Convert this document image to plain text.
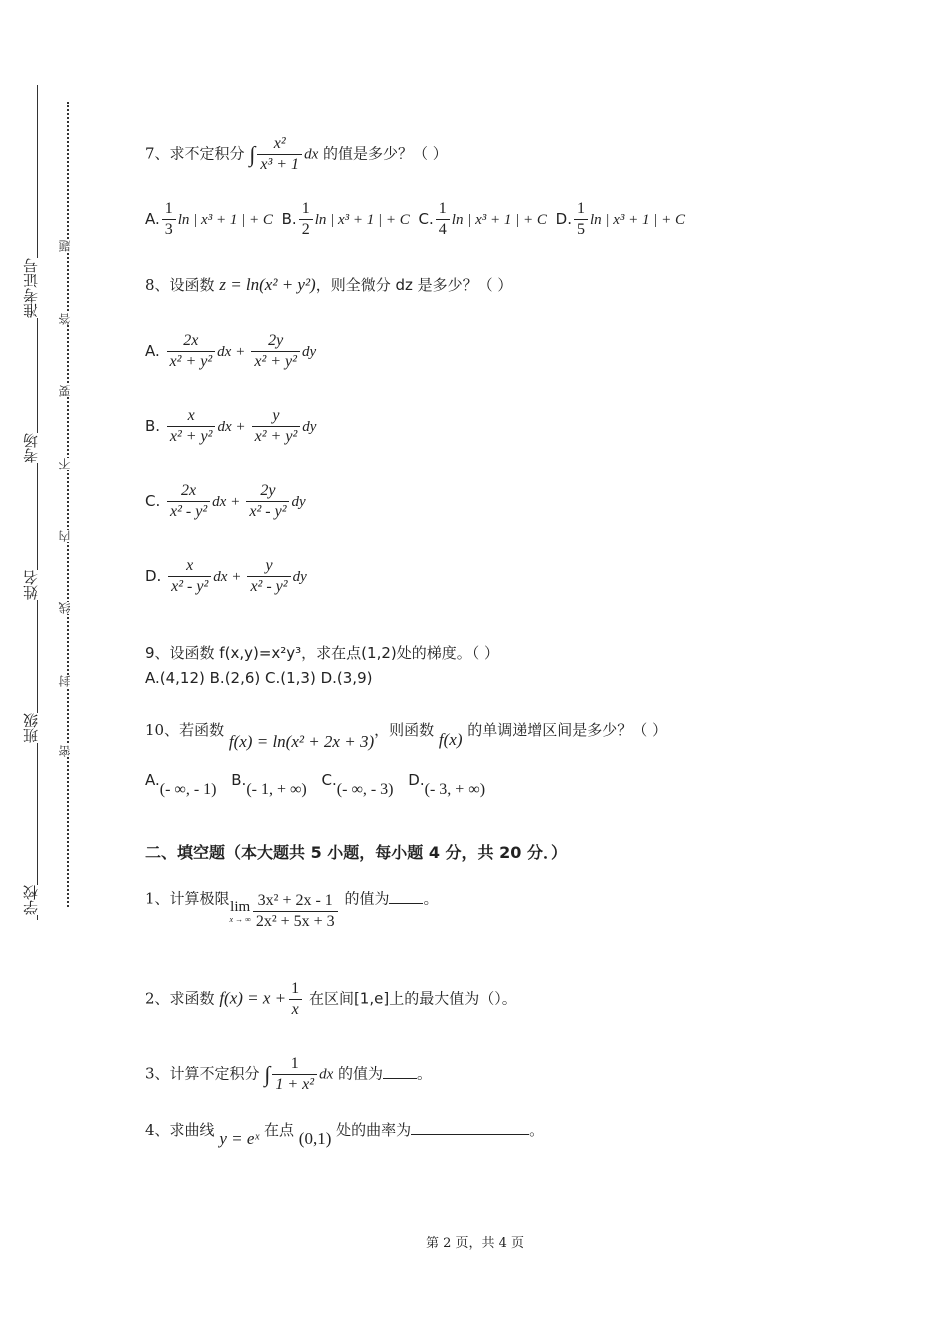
学校
班级
姓名
考场
准考证号
密
封
线
内
不
要
答
题
7、求不定积分 ∫ $\frac{\text{x²}}{\text{x³ + 1}}$ dx 的值是多少？（ ）
A. $\frac{1}{3}$ ln | x³ + 1 | + C B. $\frac{1}{2}$ ln | x³ + 1 | + C C. $\frac{1}{4}$ ln | x³ + 1 | + C D. $\frac{1}{5}$ ln | x³ + 1 | + C
8、设函数 z = ln(x² + y²)，则全微分 dz 是多少？（ ）
A. $\frac{2x}{\text{x² + y²}}$ dx + $\frac{2y}{\text{x² + y²}}$ dy
B. $\frac{x}{\text{x² + y²}}$ dx + $\frac{y}{\text{x² + y²}}$ dy
C. $\frac{2x}{\text{x² - y²}}$ dx + $\frac{2y}{\text{x² - y²}}$ dy
D. $\frac{x}{\text{x² - y²}}$ dx + $\frac{y}{\text{x² - y²}}$ dy
9、设函数 f(x,y)=x²y³，求在点(1,2)处的梯度。（ ）
A.(4,12) B.(2,6) C.(1,3) D.(3,9)
10、若函数 f(x) = ln(x² + 2x + 3)，则函数 f(x) 的单调递增区间是多少？（ ）
A.(- ∞, - 1) B.(- 1, + ∞) C.(- ∞, - 3) D.(- 3, + ∞)
二、填空题（本大题共 5 小题，每小题 4 分，共 20 分．）
1、计算极限 lim
x → ∞ $\frac{\text{3x² + 2x - 1}}{\text{2x² + 5x + 3}}$ 的值为 。
2、求函数 $f(x) = x + \frac{1}{x}$ 在区间[1,e]上的最大值为（）。
3、计算不定积分 ∫ $\frac{1}{\text{1 + x²}}$ dx 的值为 。
4、求曲线 y = eˣ 在点 (0,1) 处的曲率为	。
第 2 页，共 4 页
